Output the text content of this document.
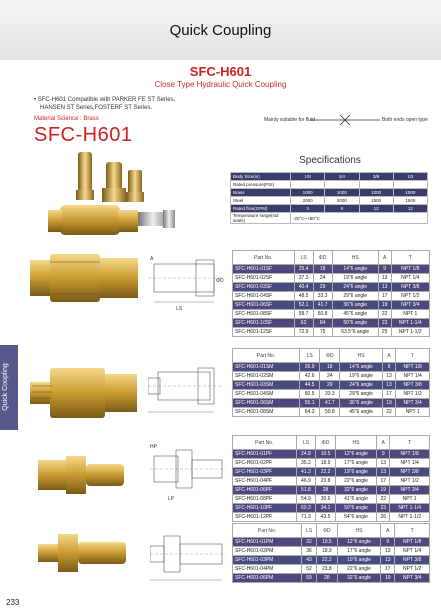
Quick Coupling
SFC-H601
Close Type Hydraulic Quick Coupling
• SFC-H601 Compatible with PARKER FE ST Series,
HANSEN ST Series,FOSTERF ST Series.
Material Science : Brass
SFC-H601
Mainly suitable for fluid	Both ends open type
Specifications
Body Size(in)	1/8	1/4	3/8	1/2
Rated pressure(PSI)				
Brass	1000	1000	1000	1000
Steel	2000	2000	1500	1500
Rated flow(GPM)	3	6	12	12
Temperature range(std seals)	-20°C~+80°C			
Quick Coupling
LS
A
ΦD
Part No.	LS	ΦD	HS	A	T
SFC-H601-01SF	25.4	18	14"6 angle	9	NPT 1/8
SFC-H601-02SF	37.3	24	19"6 angle	13	NPT 1/4
SFC-H601-03SF	40.4	29	24"6 angle	13	NPT 3/8
SFC-H601-04SF	48.5	33.3	29"6 angle	17	NPT 1/2
SFC-H601-06SF	52.1	41.7	36"6 angle	19	NPT 3/4
SFC-H601-08SF	58.7	50.8	45"6 angle	22	NPT 1
SFC-H601-10SF	62	64	50"6 angle	23	NPT 1-1/4
SFC-H601-12SF	72.9	75	63.5"6 angle	25	NPT 1-1/2
Part No.	LS	ΦD	HS	A	T
SFC-H601-01SM	26.9	18	14"6 angle	9	NPT 1/8
SFC-H601-02SM	42.6	24	19"6 angle	13	NPT 1/4
SFC-H601-03SM	44.5	29	24"6 angle	13	NPT 3/8
SFC-H601-04SM	50.5	33.3	29"6 angle	17	NPT 1/2
SFC-H601-06SM	55.1	41.7	36"6 angle	19	NPT 3/4
SFC-H601-08SM	64.3	50.8	45"6 angle	22	NPT 1
LP
HP
Part No.	LS	ΦD	HS	A	T
SFC-H601-01PF	24.8	10.5	12"6 angle	9	NPT 1/8
SFC-H601-02PF	35.2	18.9	17"6 angle	13	NPT 1/4
SFC-H601-03PF	41.3	22.2	19"6 angle	13	NPT 3/8
SFC-H601-04PF	46.9	23.8	22"6 angle	17	NPT 1/2
SFC-H601-06PF	51.8	28	32"6 angle	19	NPT 3/4
SFC-H601-08PF	54.9	30.6	41"6 angle	22	NPT 1
SFC-H601-10PF	60.3	34.1	50"6 angle	23	NPT 1-1/4
SFC-H601-12PF	71.3	43.5	54"6 angle	26	NPT 1-1/2
Part No.	LS	ΦD	HS	A	T
SFC-H601-01PM	32	10.5	12"6 angle	9	NPT 1/8
SFC-H601-02PM	36	18.9	17"6 angle	13	NPT 1/4
SFC-H601-03PM	43	22.2	19"6 angle	13	NPT 3/8
SFC-H601-04PM	52	23.8	22"6 angle	17	NPT 1/2
SFC-H601-06PM	59	28	32"6 angle	19	NPT 3/4
233
